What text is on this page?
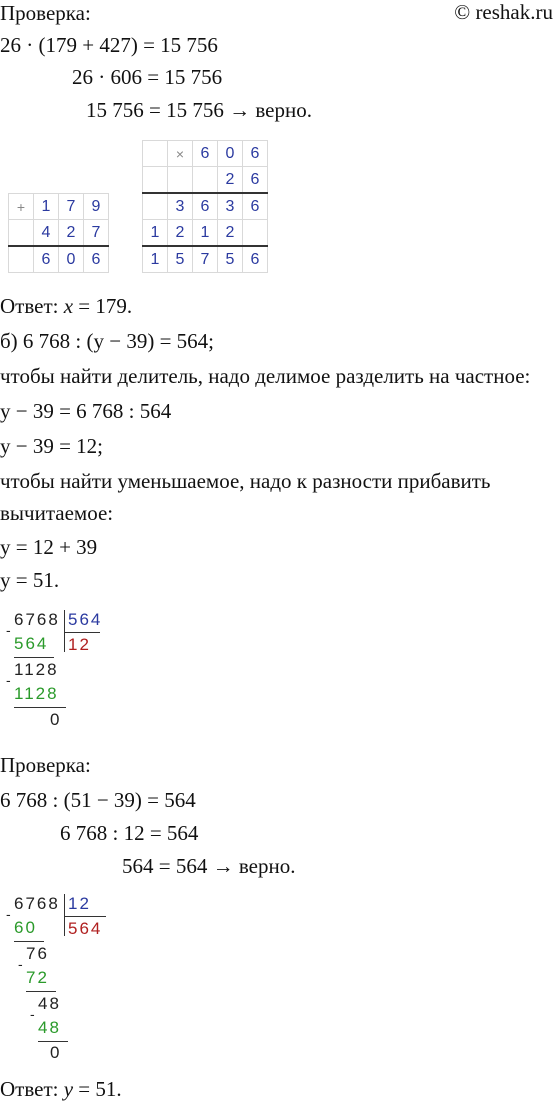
Проверка:	© reshak.ru
26 · (179 + 427) = 15 756
26 · 606 = 15 756
15 756 = 15 756 → верно.
+	1	7	9
	4	2	7
	6	0	6
	×	6	0	6
			2	6
	3	6	3	6
1	2	1	2	
1	5	7	5	6
Ответ: x = 179.
б) 6 768 : (y − 39) = 564;
чтобы найти делитель, надо делимое разделить на частное:
y − 39 = 6 768 : 564
y − 39 = 12;
чтобы найти уменьшаемое, надо к разности прибавить
вычитаемое:
y = 12 + 39
y = 51.
6768 564
12
-
564
1128
-
1128
0
Проверка:
6 768 : (51 − 39) = 564
6 768 : 12 = 564
564 = 564 → верно.
6768 12
564
-
60
76
-
72
48
-
48
0
Ответ: y = 51.
